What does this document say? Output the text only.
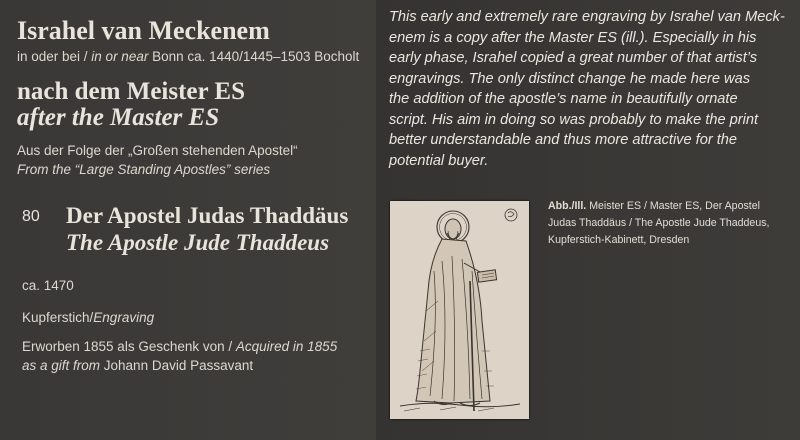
Israhel van Meckenem

in oder bei / in or near Bonn ca. 1440/1445–1503 Bocholt

nach dem Meister ES
after the Master ES

Aus der Folge der „Großen stehenden Apostel“

From the “Large Standing Apostles” series

80 Der Apostel Judas Thaddäus
The Apostle Jude Thaddeus

ca. 1470

Kupferstich/Engraving

Erworben 1855 als Geschenk von / Acquired in 1855

as a gift from Johann David Passavant

This early and extremely rare engraving by Israhel van Meck-
enem is a copy after the Master ES (ill.). Especially in his
early phase, Israhel copied a great number of that artist’s
engravings. The only distinct change he made here was
the addition of the apostle’s name in beautifully ornate
script. His aim in doing so was probably to make the print
better understandable and thus more attractive for the
potential buyer.
Abb./Ill. Meister ES / Master ES, Der Apostel
Judas Thaddäus / The Apostle Jude Thaddeus,
Kupferstich-Kabinett, Dresden
